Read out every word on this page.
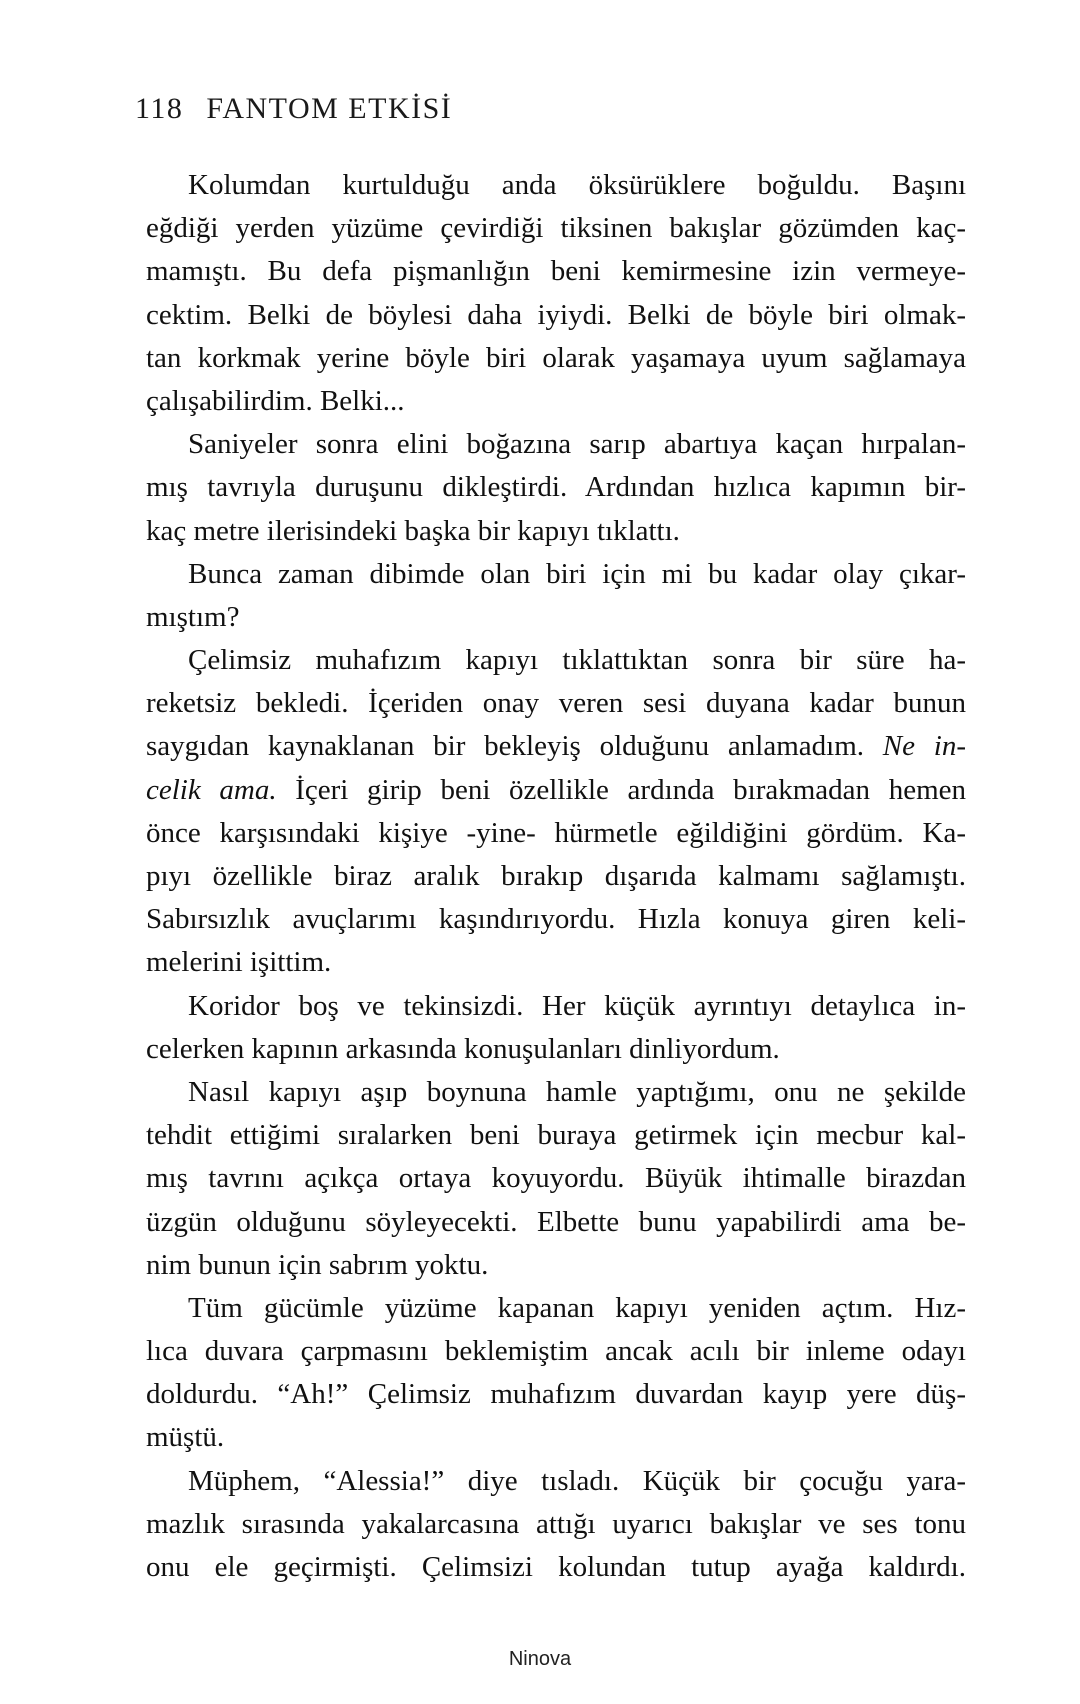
118 FANTOM ETKİSİ
Kolumdan kurtulduğu anda öksürüklere boğuldu. Başını
eğdiği yerden yüzüme çevirdiği tiksinen bakışlar gözümden kaç-
mamıştı. Bu defa pişmanlığın beni kemirmesine izin vermeye-
cektim. Belki de böylesi daha iyiydi. Belki de böyle biri olmak-
tan korkmak yerine böyle biri olarak yaşamaya uyum sağlamaya
çalışabilirdim. Belki...
Saniyeler sonra elini boğazına sarıp abartıya kaçan hırpalan-
mış tavrıyla duruşunu dikleştirdi. Ardından hızlıca kapımın bir-
kaç metre ilerisindeki başka bir kapıyı tıklattı.
Bunca zaman dibimde olan biri için mi bu kadar olay çıkar-
mıştım?
Çelimsiz muhafızım kapıyı tıklattıktan sonra bir süre ha-
reketsiz bekledi. İçeriden onay veren sesi duyana kadar bunun
saygıdan kaynaklanan bir bekleyiş olduğunu anlamadım. Ne in-
celik ama. İçeri girip beni özellikle ardında bırakmadan hemen
önce karşısındaki kişiye -yine- hürmetle eğildiğini gördüm. Ka-
pıyı özellikle biraz aralık bırakıp dışarıda kalmamı sağlamıştı.
Sabırsızlık avuçlarımı kaşındırıyordu. Hızla konuya giren keli-
melerini işittim.
Koridor boş ve tekinsizdi. Her küçük ayrıntıyı detaylıca in-
celerken kapının arkasında konuşulanları dinliyordum.
Nasıl kapıyı aşıp boynuna hamle yaptığımı, onu ne şekilde
tehdit ettiğimi sıralarken beni buraya getirmek için mecbur kal-
mış tavrını açıkça ortaya koyuyordu. Büyük ihtimalle birazdan
üzgün olduğunu söyleyecekti. Elbette bunu yapabilirdi ama be-
nim bunun için sabrım yoktu.
Tüm gücümle yüzüme kapanan kapıyı yeniden açtım. Hız-
lıca duvara çarpmasını beklemiştim ancak acılı bir inleme odayı
doldurdu. “Ah!” Çelimsiz muhafızım duvardan kayıp yere düş-
müştü.
Müphem, “Alessia!” diye tısladı. Küçük bir çocuğu yara-
mazlık sırasında yakalarcasına attığı uyarıcı bakışlar ve ses tonu
onu ele geçirmişti. Çelimsizi kolundan tutup ayağa kaldırdı.
Ninova
